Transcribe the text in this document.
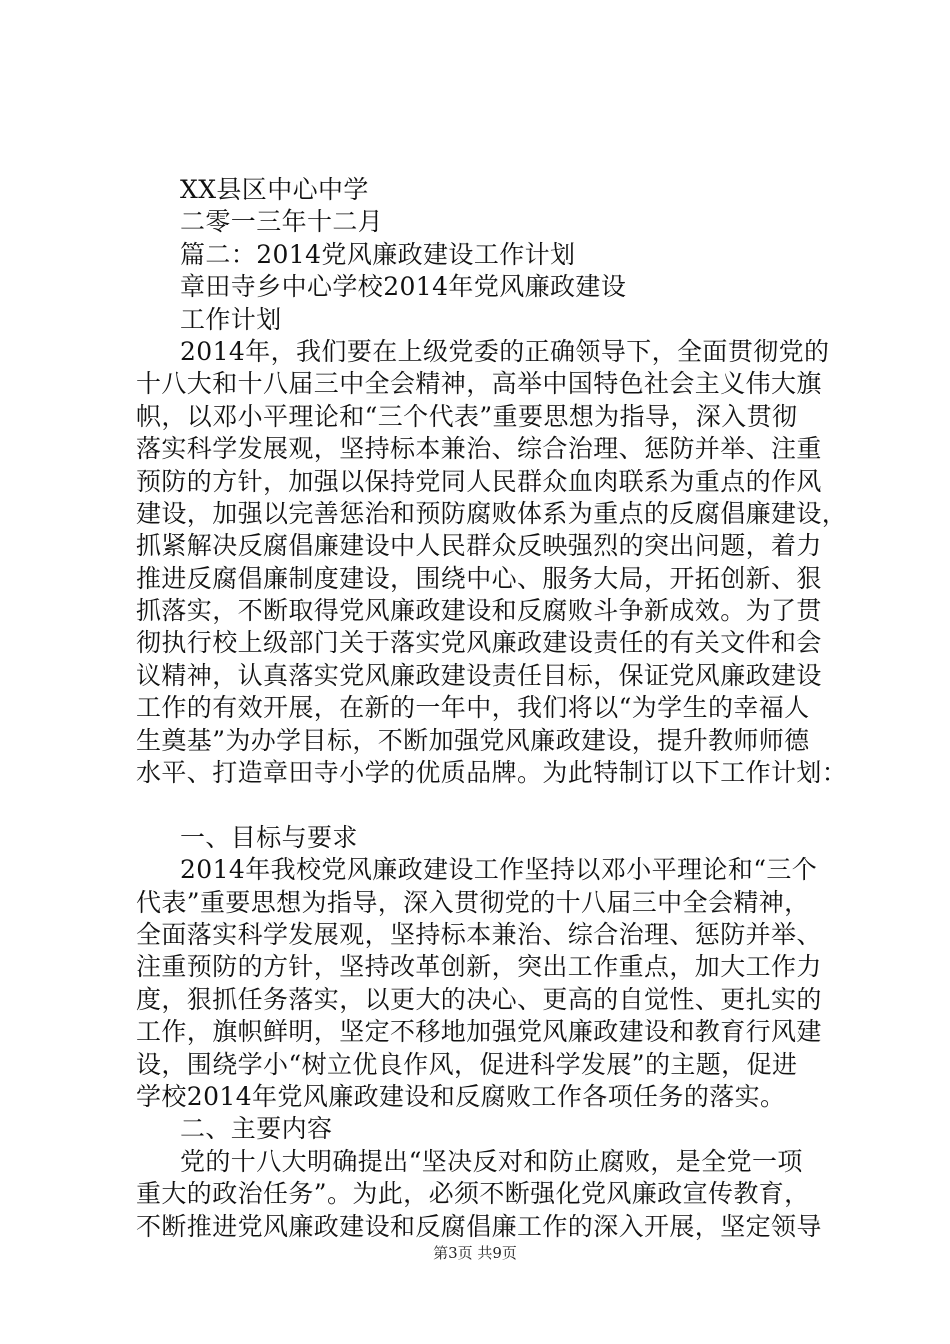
XX县区中心中学
二零一三年十二月
篇二：2014党风廉政建设工作计划
章田寺乡中心学校2014年党风廉政建设
工作计划
2014年，我们要在上级党委的正确领导下，全面贯彻党的
十八大和十八届三中全会精神，高举中国特色社会主义伟大旗
帜，以邓小平理论和“三个代表”重要思想为指导，深入贯彻
落实科学发展观，坚持标本兼治、综合治理、惩防并举、注重
预防的方针，加强以保持党同人民群众血肉联系为重点的作风
建设，加强以完善惩治和预防腐败体系为重点的反腐倡廉建设，
抓紧解决反腐倡廉建设中人民群众反映强烈的突出问题，着力
推进反腐倡廉制度建设，围绕中心、服务大局，开拓创新、狠
抓落实，不断取得党风廉政建设和反腐败斗争新成效。为了贯
彻执行校上级部门关于落实党风廉政建设责任的有关文件和会
议精神，认真落实党风廉政建设责任目标，保证党风廉政建设
工作的有效开展，在新的一年中，我们将以“为学生的幸福人
生奠基”为办学目标，不断加强党风廉政建设，提升教师师德
水平、打造章田寺小学的优质品牌。为此特制订以下工作计划：
一、目标与要求
2014年我校党风廉政建设工作坚持以邓小平理论和“三个
代表”重要思想为指导，深入贯彻党的十八届三中全会精神，
全面落实科学发展观，坚持标本兼治、综合治理、惩防并举、
注重预防的方针，坚持改革创新，突出工作重点，加大工作力
度，狠抓任务落实，以更大的决心、更高的自觉性、更扎实的
工作，旗帜鲜明，坚定不移地加强党风廉政建设和教育行风建
设，围绕学小“树立优良作风，促进科学发展”的主题，促进
学校2014年党风廉政建设和反腐败工作各项任务的落实。
二、主要内容
党的十八大明确提出“坚决反对和防止腐败，是全党一项
重大的政治任务”。为此，必须不断强化党风廉政宣传教育，
不断推进党风廉政建设和反腐倡廉工作的深入开展，坚定领导
第3页 共9页
